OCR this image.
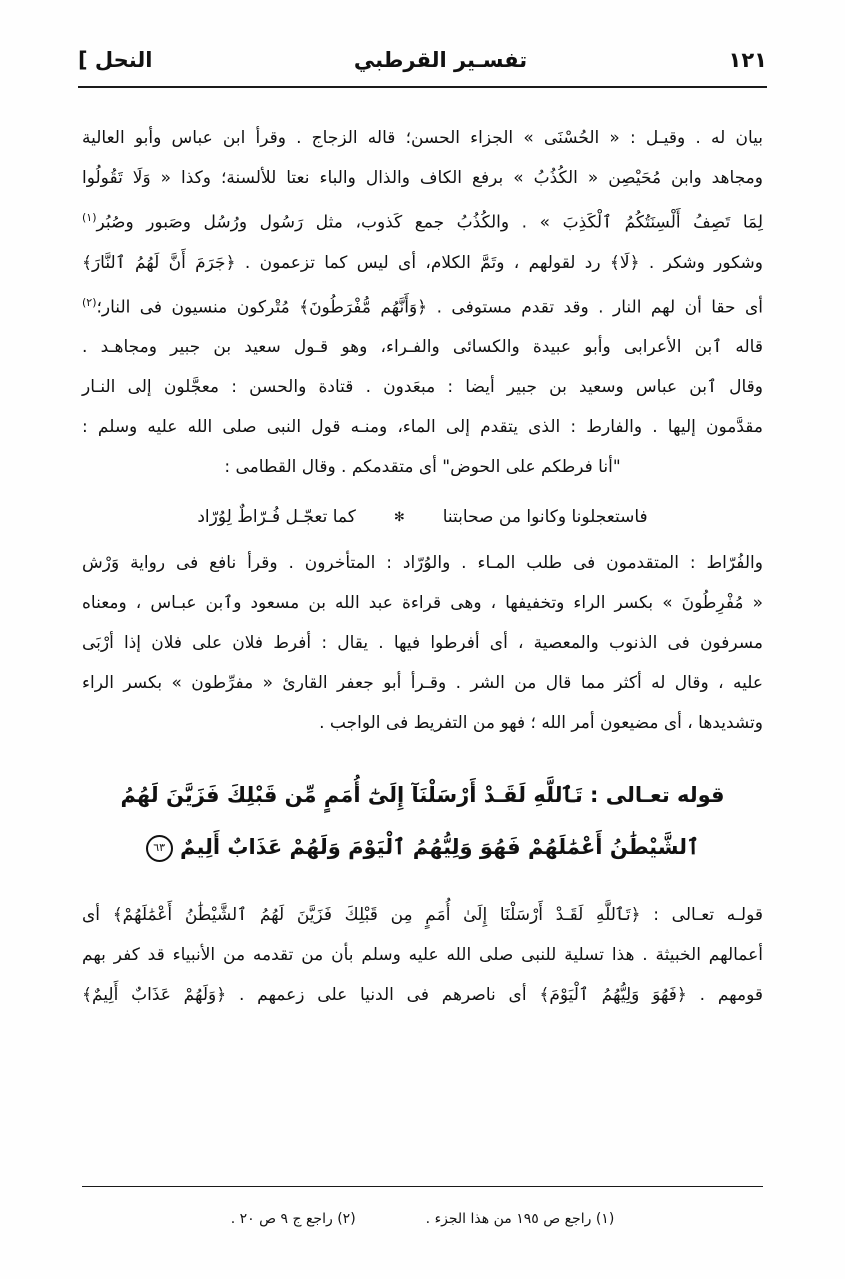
١٢١
تفسـير القرطبي
النحل ]

بيان له . وقيـل : « الحُسْنَى » الجزاء الحسن؛ قاله الزجاج . وقرأ ابن عباس وأبو العالية

ومجاهد وابن مُحَيْصِن « الكُذُبُ » برفع الكاف والذال والباء نعتا للألسنة؛ وكذا « وَلَا تَقُولُوا

لِمَا تَصِفُ أَلْسِنَتُكُمُ ٱلْكَذِبَ » . والكُذُبُ جمع كَذوب، مثل رَسُول ورُسُل وصَبور وصُبُر$^{(١)}$

وشكور وشكر . ﴿لَا﴾ رد لقولهم ، وتَمَّ الكلام، أى ليس كما تزعمون . ﴿جَرَمَ أَنَّ لَهُمُ ٱلنَّارَ﴾

أى حقا أن لهم النار . وقد تقدم مستوفى . ﴿وَأَنَّهُم مُّفْرَطُونَ﴾ مُتْركون منسيون فى النار؛$^{(٢)}$

قاله ٱبن الأعرابى وأبو عبيدة والكسائى والفـراء، وهو قـول سعيد بن جبير ومجاهـد .

وقال ٱبن عباس وسعيد بن جبير أيضا : مبعَدون . قتادة والحسن : معجَّلون إلى النـار

مقدَّمون إليها . والفارط : الذى يتقدم إلى الماء، ومنـه قول النبى صلى الله عليه وسلم :

"أنا فرطكم على الحوض" أى متقدمكم . وقال القطامى :

فاستعجلونا وكانوا من صحابتنا
✻
كما تعجّـل فُـرّاطٌ لِوُرّاد

والفُرّاط : المتقدمون فى طلب المـاء . والوُرّاد : المتأخرون . وقرأ نافع فى رواية وَرْش

« مُفْرِطُونَ » بكسر الراء وتخفيفها ، وهى قراءة عبد الله بن مسعود وٱبن عبـاس ، ومعناه

مسرفون فى الذنوب والمعصية ، أى أفرطوا فيها . يقال : أفرط فلان على فلان إذا أرْبَى

عليه ، وقال له أكثر مما قال من الشر . وقـرأ أبو جعفر القارئ « مفرِّطون » بكسر الراء

وتشديدها ، أى مضيعون أمر الله ؛ فهو من التفريط فى الواجب .

قوله تعـالى : تَٱللَّهِ لَقَـدْ أَرْسَلْنَآ إِلَىٰٓ أُمَمٍ مِّن قَبْلِكَ فَزَيَّنَ لَهُمُ
ٱلشَّيْطَٰنُ أَعْمَٰلَهُمْ فَهُوَ وَلِيُّهُمُ ٱلْيَوْمَ وَلَهُمْ عَذَابٌ أَلِيمٌ ٦٣

قولـه تعـالى : ﴿تَٱللَّهِ لَقَـدْ أَرْسَلْنَا إِلَىٰ أُمَمٍ مِن قَبْلِكَ فَزَيَّنَ لَهُمُ ٱلشَّيْطَٰنُ أَعْمَٰلَهُمْ﴾ أى

أعمالهم الخبيثة . هذا تسلية للنبى صلى الله عليه وسلم بأن من تقدمه من الأنبياء قد كفر بهم

قومهم . ﴿فَهُوَ وَلِيُّهُمُ ٱلْيَوْمَ﴾ أى ناصرهم فى الدنيا على زعمهم . ﴿وَلَهُمْ عَذَابٌ أَلِيمٌ﴾

(١) راجع ص ١٩٥ من هذا الجزء .
(٢) راجع ج ٩ ص ٢٠ .
